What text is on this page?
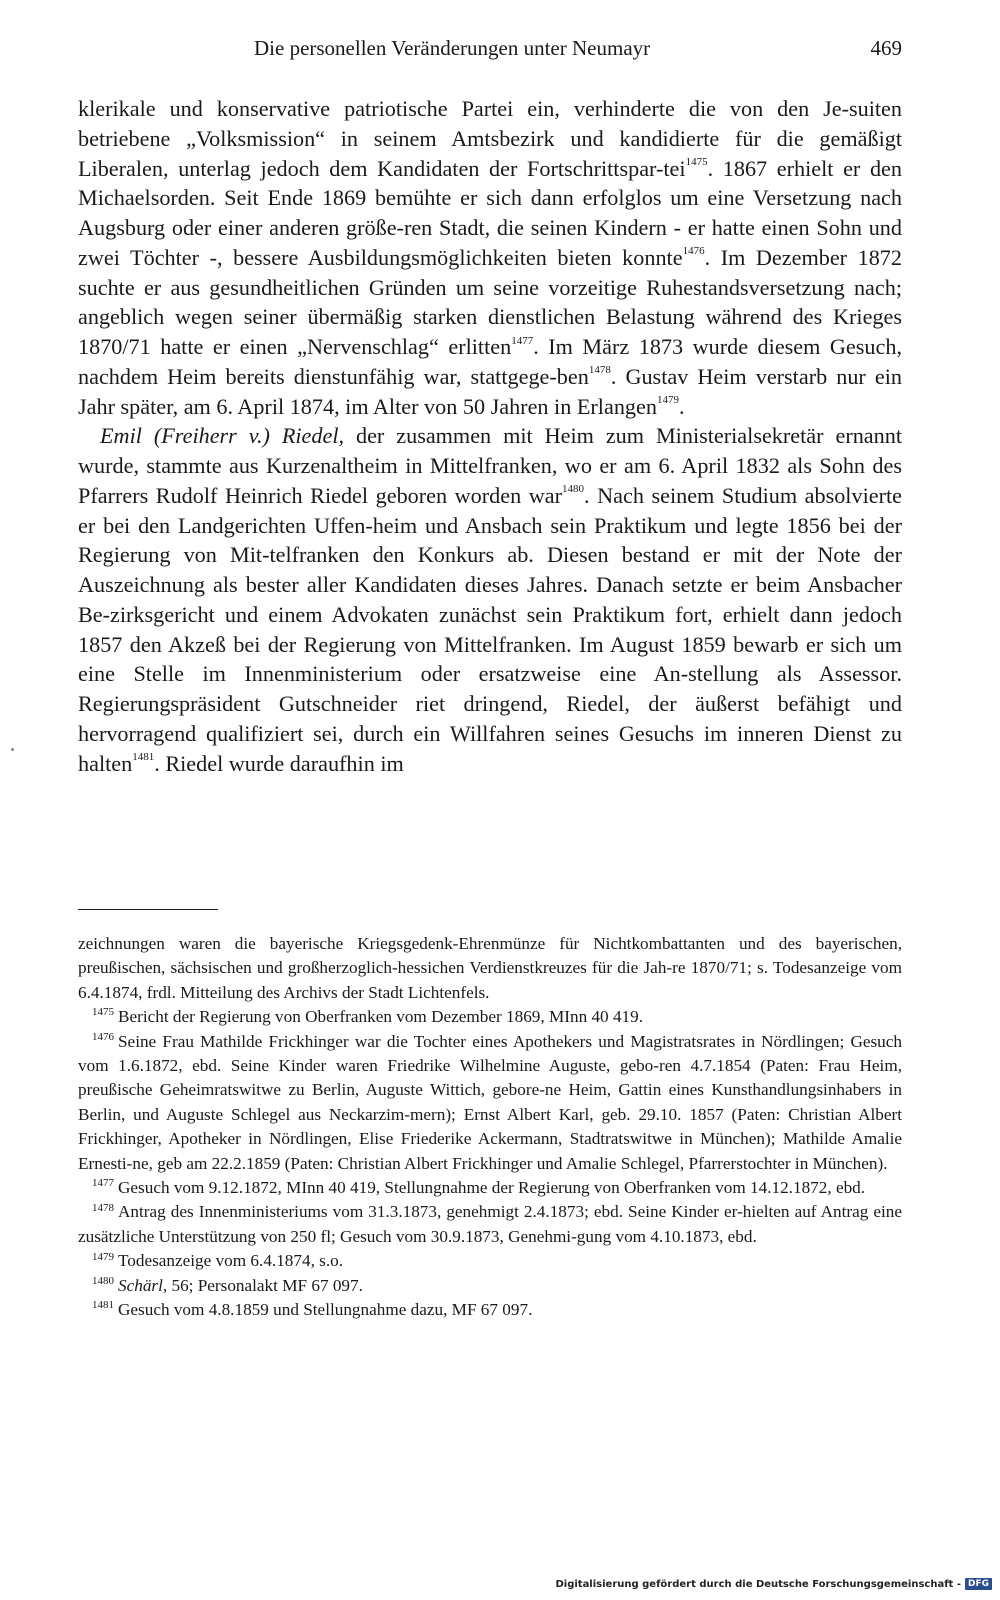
Die personellen Veränderungen unter Neumayr	469

klerikale und konservative patriotische Partei ein, verhinderte die von den Je-suiten betriebene „Volksmission“ in seinem Amtsbezirk und kandidierte für die gemäßigt Liberalen, unterlag jedoch dem Kandidaten der Fortschrittspar-tei$^{1475}$. 1867 erhielt er den Michaelsorden. Seit Ende 1869 bemühte er sich dann erfolglos um eine Versetzung nach Augsburg oder einer anderen größe-ren Stadt, die seinen Kindern - er hatte einen Sohn und zwei Töchter -, bessere Ausbildungsmöglichkeiten bieten konnte$^{1476}$. Im Dezember 1872 suchte er aus gesundheitlichen Gründen um seine vorzeitige Ruhestandsversetzung nach; angeblich wegen seiner übermäßig starken dienstlichen Belastung während des Krieges 1870/71 hatte er einen „Nervenschlag“ erlitten$^{1477}$. Im März 1873 wurde diesem Gesuch, nachdem Heim bereits dienstunfähig war, stattgege-ben$^{1478}$. Gustav Heim verstarb nur ein Jahr später, am 6. April 1874, im Alter von 50 Jahren in Erlangen$^{1479}$.

Emil (Freiherr v.) Riedel, der zusammen mit Heim zum Ministerialsekretär ernannt wurde, stammte aus Kurzenaltheim in Mittelfranken, wo er am 6. April 1832 als Sohn des Pfarrers Rudolf Heinrich Riedel geboren worden war$^{1480}$. Nach seinem Studium absolvierte er bei den Landgerichten Uffen-heim und Ansbach sein Praktikum und legte 1856 bei der Regierung von Mit-telfranken den Konkurs ab. Diesen bestand er mit der Note der Auszeichnung als bester aller Kandidaten dieses Jahres. Danach setzte er beim Ansbacher Be-zirksgericht und einem Advokaten zunächst sein Praktikum fort, erhielt dann jedoch 1857 den Akzeß bei der Regierung von Mittelfranken. Im August 1859 bewarb er sich um eine Stelle im Innenministerium oder ersatzweise eine An-stellung als Assessor. Regierungspräsident Gutschneider riet dringend, Riedel, der äußerst befähigt und hervorragend qualifiziert sei, durch ein Willfahren seines Gesuchs im inneren Dienst zu halten$^{1481}$. Riedel wurde daraufhin im

zeichnungen waren die bayerische Kriegsgedenk-Ehrenmünze für Nichtkombattanten und des bayerischen, preußischen, sächsischen und großherzoglich-hessichen Verdienstkreuzes für die Jah-re 1870/71; s. Todesanzeige vom 6.4.1874, frdl. Mitteilung des Archivs der Stadt Lichtenfels.

$^{1475}$ Bericht der Regierung von Oberfranken vom Dezember 1869, MInn 40 419.

$^{1476}$ Seine Frau Mathilde Frickhinger war die Tochter eines Apothekers und Magistratsrates in Nördlingen; Gesuch vom 1.6.1872, ebd. Seine Kinder waren Friedrike Wilhelmine Auguste, gebo-ren 4.7.1854 (Paten: Frau Heim, preußische Geheimratswitwe zu Berlin, Auguste Wittich, gebore-ne Heim, Gattin eines Kunsthandlungsinhabers in Berlin, und Auguste Schlegel aus Neckarzim-mern); Ernst Albert Karl, geb. 29.10. 1857 (Paten: Christian Albert Frickhinger, Apotheker in Nördlingen, Elise Friederike Ackermann, Stadtratswitwe in München); Mathilde Amalie Ernesti-ne, geb am 22.2.1859 (Paten: Christian Albert Frickhinger und Amalie Schlegel, Pfarrerstochter in München).

$^{1477}$ Gesuch vom 9.12.1872, MInn 40 419, Stellungnahme der Regierung von Oberfranken vom 14.12.1872, ebd.

$^{1478}$ Antrag des Innenministeriums vom 31.3.1873, genehmigt 2.4.1873; ebd. Seine Kinder er-hielten auf Antrag eine zusätzliche Unterstützung von 250 fl; Gesuch vom 30.9.1873, Genehmi-gung vom 4.10.1873, ebd.

$^{1479}$ Todesanzeige vom 6.4.1874, s.o.

$^{1480}$ Schärl, 56; Personalakt MF 67 097.

$^{1481}$ Gesuch vom 4.8.1859 und Stellungnahme dazu, MF 67 097.

Digitalisierung gefördert durch die Deutsche Forschungsgemeinschaft - DFG
